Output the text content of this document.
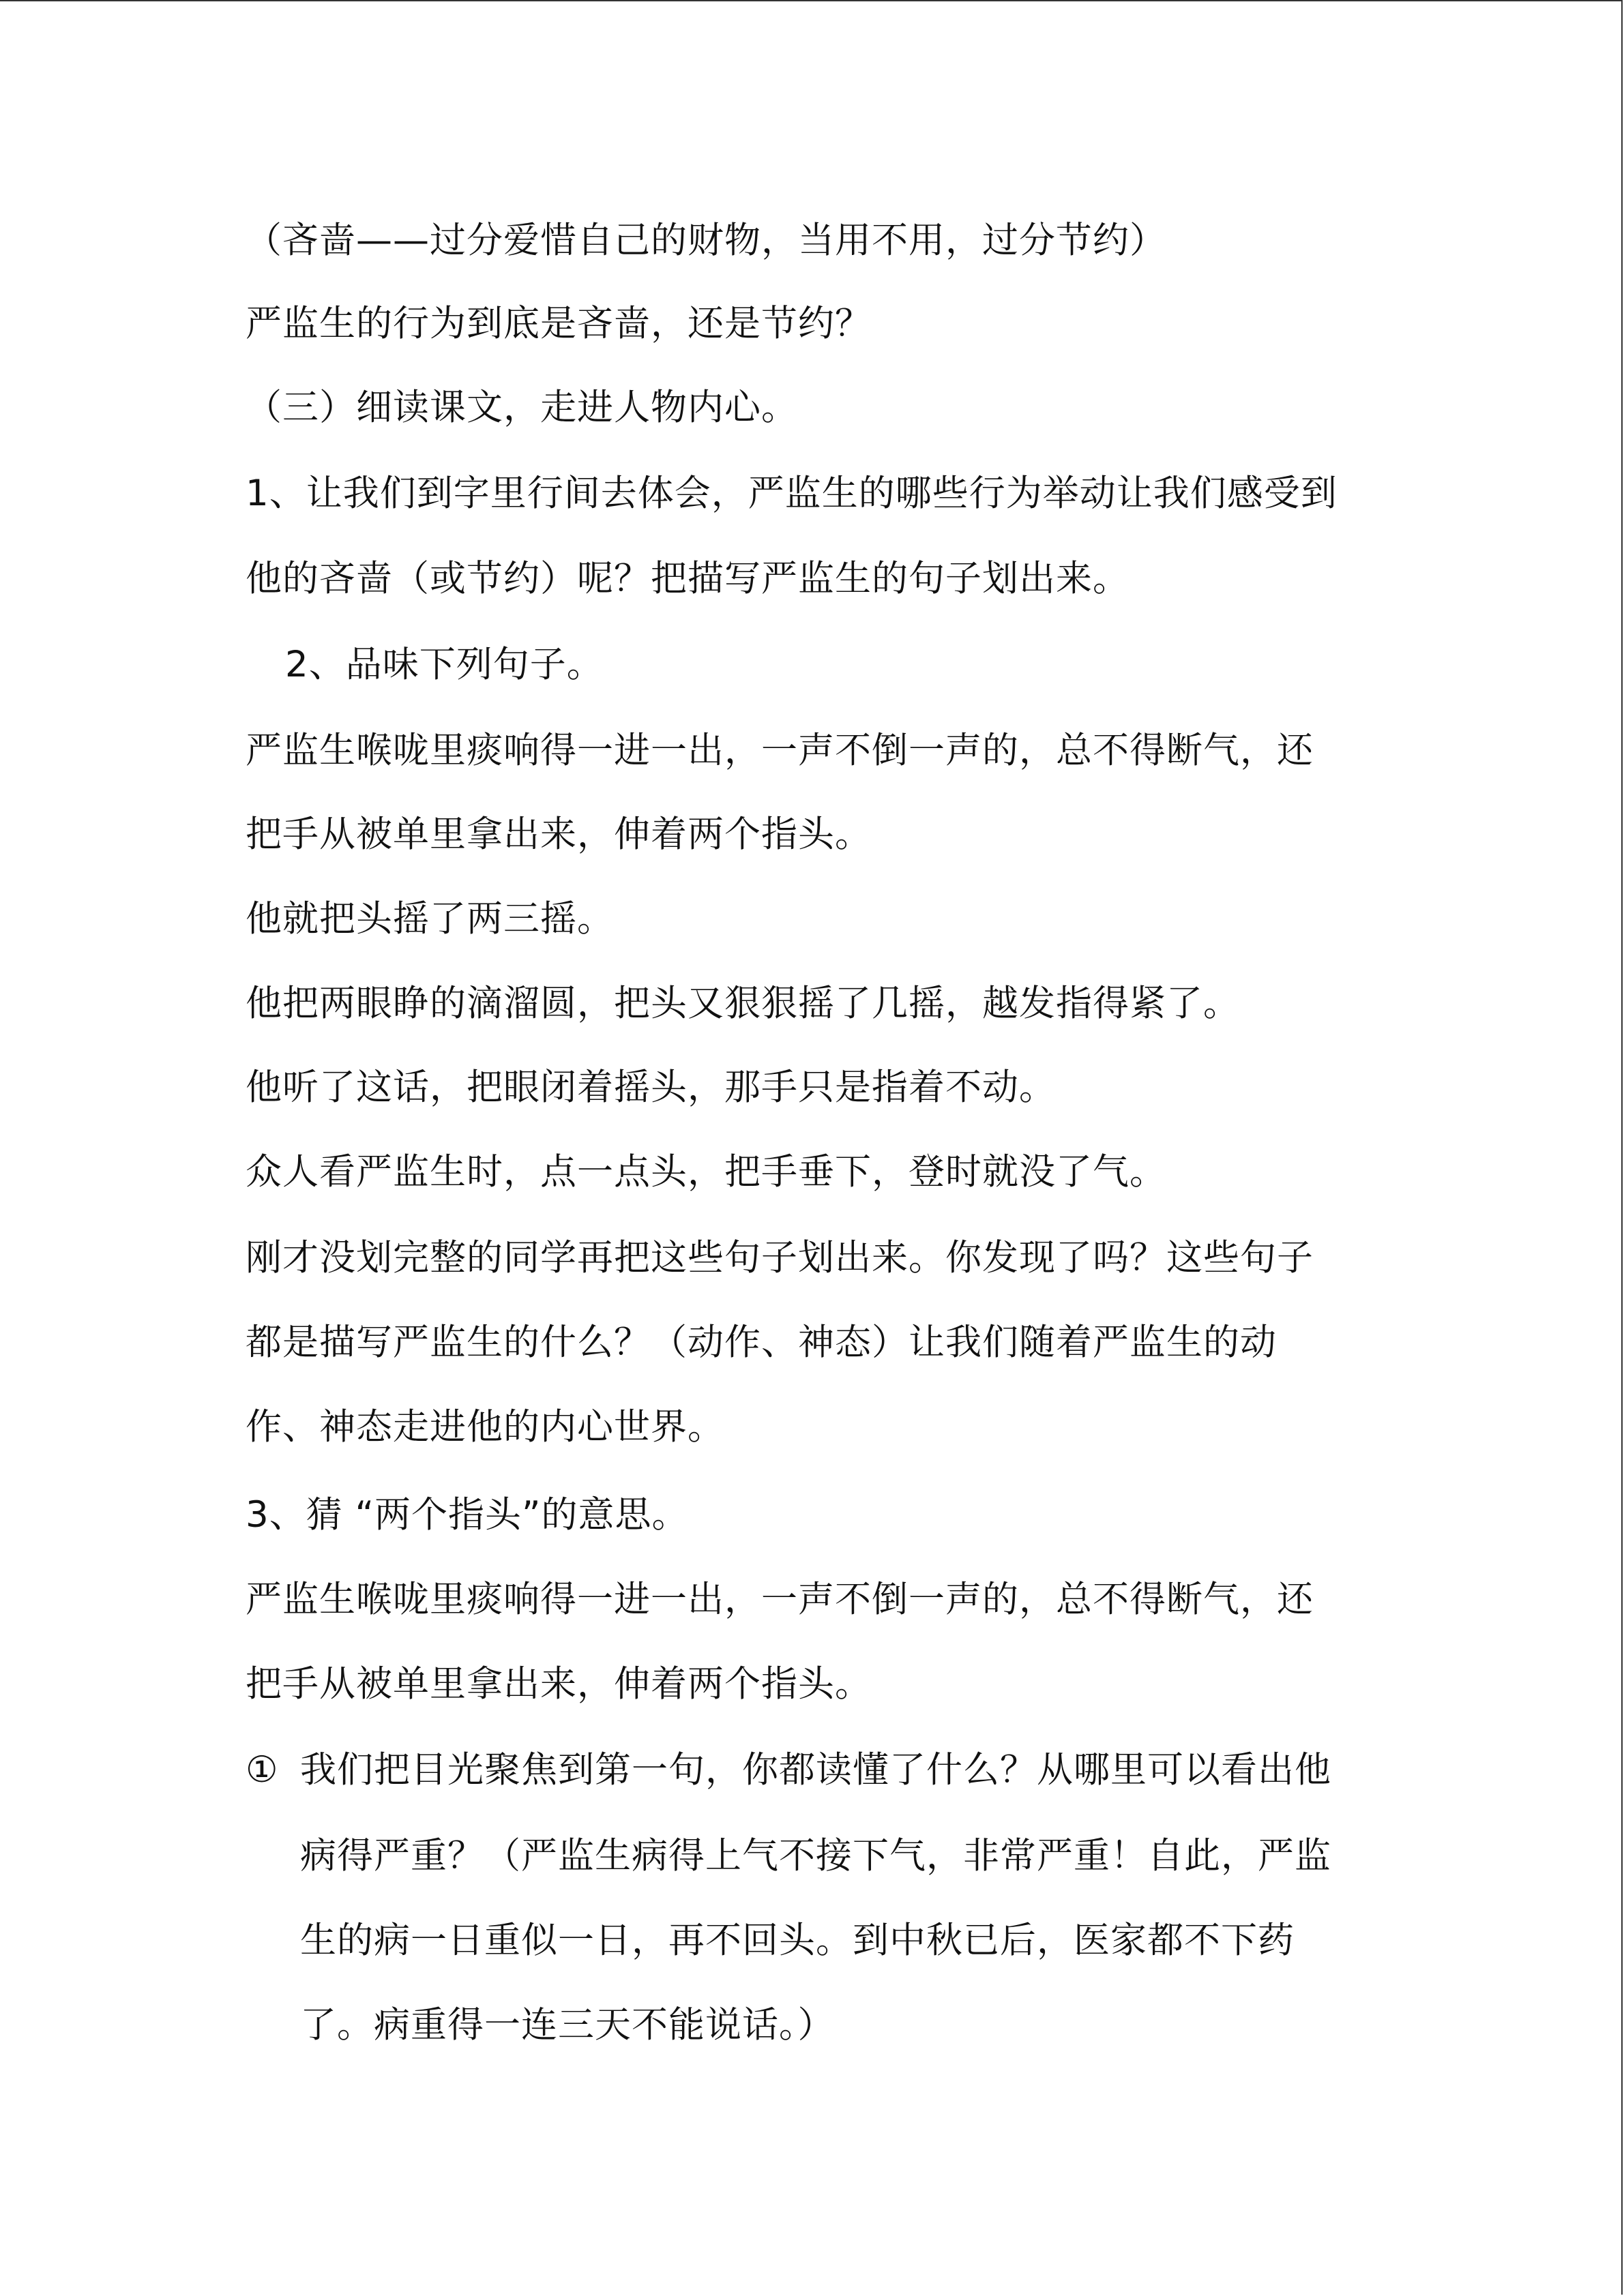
（吝啬——过分爱惜自己的财物，当用不用，过分节约）
严监生的行为到底是吝啬，还是节约？
（三）细读课文，走进人物内心。
1、让我们到字里行间去体会，严监生的哪些行为举动让我们感受到
他的吝啬（或节约）呢？把描写严监生的句子划出来。
2、品味下列句子。
严监生喉咙里痰响得一进一出，一声不倒一声的，总不得断气，还
把手从被单里拿出来，伸着两个指头。
他就把头摇了两三摇。
他把两眼睁的滴溜圆，把头又狠狠摇了几摇，越发指得紧了。
他听了这话，把眼闭着摇头，那手只是指着不动。
众人看严监生时，点一点头，把手垂下，登时就没了气。
刚才没划完整的同学再把这些句子划出来。你发现了吗？这些句子
都是描写严监生的什么？（动作、神态）让我们随着严监生的动
作、神态走进他的内心世界。
3、猜 “两个指头”的意思。
严监生喉咙里痰响得一进一出，一声不倒一声的，总不得断气，还
把手从被单里拿出来，伸着两个指头。
① 我们把目光聚焦到第一句，你都读懂了什么？从哪里可以看出他
病得严重？（严监生病得上气不接下气，非常严重！自此，严监
生的病一日重似一日，再不回头。到中秋已后，医家都不下药
了。病重得一连三天不能说话。）
